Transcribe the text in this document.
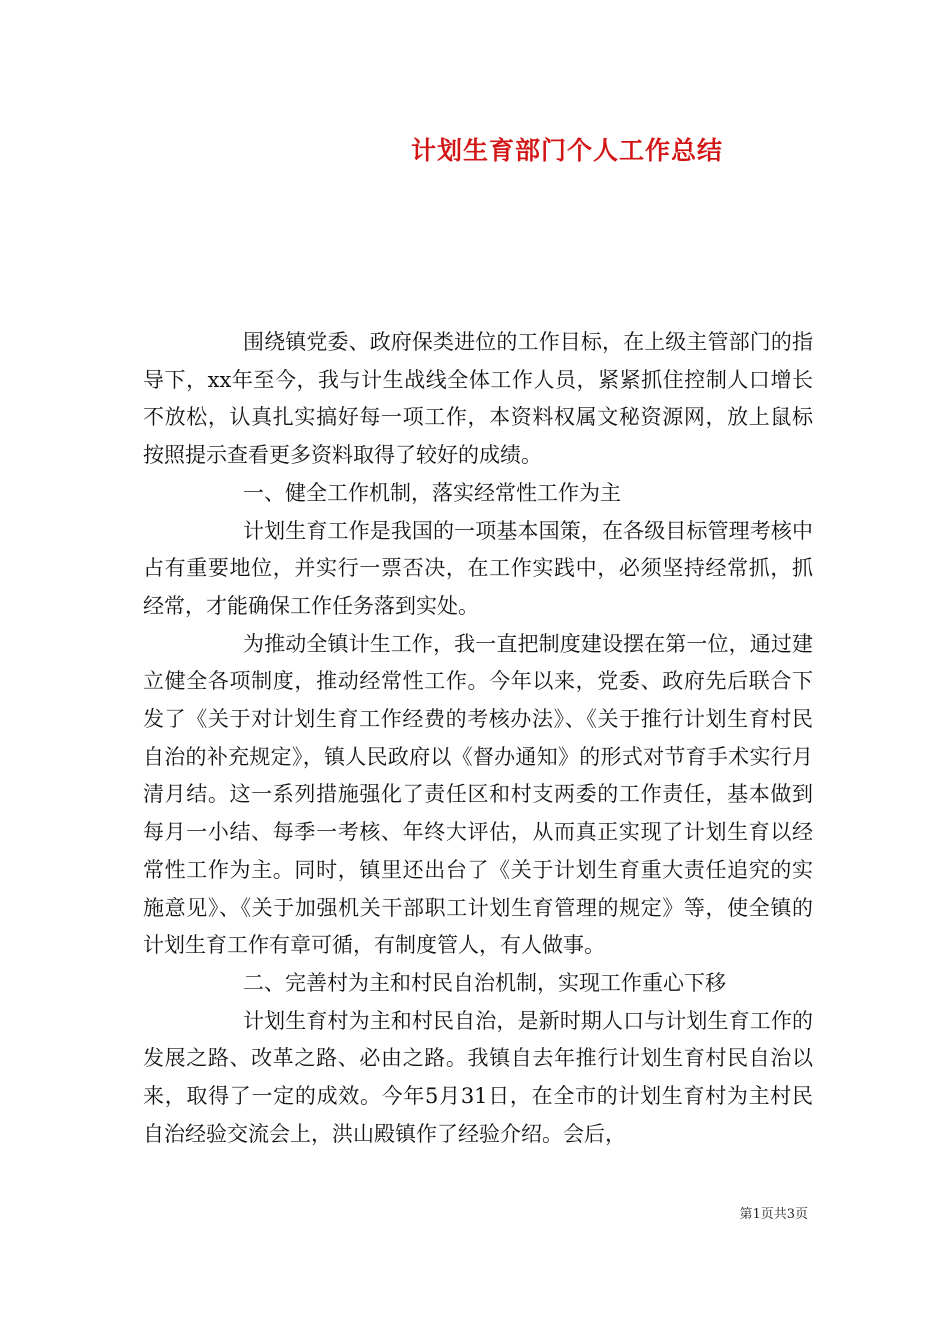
计划生育部门个人工作总结

围绕镇党委、政府保类进位的工作目标，在上级主管部门的指导下，xx年至今，我与计生战线全体工作人员，紧紧抓住控制人口增长不放松，认真扎实搞好每一项工作，本资料权属文秘资源网，放上鼠标按照提示查看更多资料取得了较好的成绩。

一、健全工作机制，落实经常性工作为主

计划生育工作是我国的一项基本国策，在各级目标管理考核中占有重要地位，并实行一票否决，在工作实践中，必须坚持经常抓，抓经常，才能确保工作任务落到实处。

为推动全镇计生工作，我一直把制度建设摆在第一位，通过建立健全各项制度，推动经常性工作。今年以来，党委、政府先后联合下发了《关于对计划生育工作经费的考核办法》、《关于推行计划生育村民自治的补充规定》，镇人民政府以《督办通知》的形式对节育手术实行月清月结。这一系列措施强化了责任区和村支两委的工作责任，基本做到每月一小结、每季一考核、年终大评估，从而真正实现了计划生育以经常性工作为主。同时，镇里还出台了《关于计划生育重大责任追究的实施意见》、《关于加强机关干部职工计划生育管理的规定》等，使全镇的计划生育工作有章可循，有制度管人，有人做事。

二、完善村为主和村民自治机制，实现工作重心下移

计划生育村为主和村民自治，是新时期人口与计划生育工作的发展之路、改革之路、必由之路。我镇自去年推行计划生育村民自治以来，取得了一定的成效。今年5月31日，在全市的计划生育村为主村民自治经验交流会上，洪山殿镇作了经验介绍。会后，

第1页共3页
